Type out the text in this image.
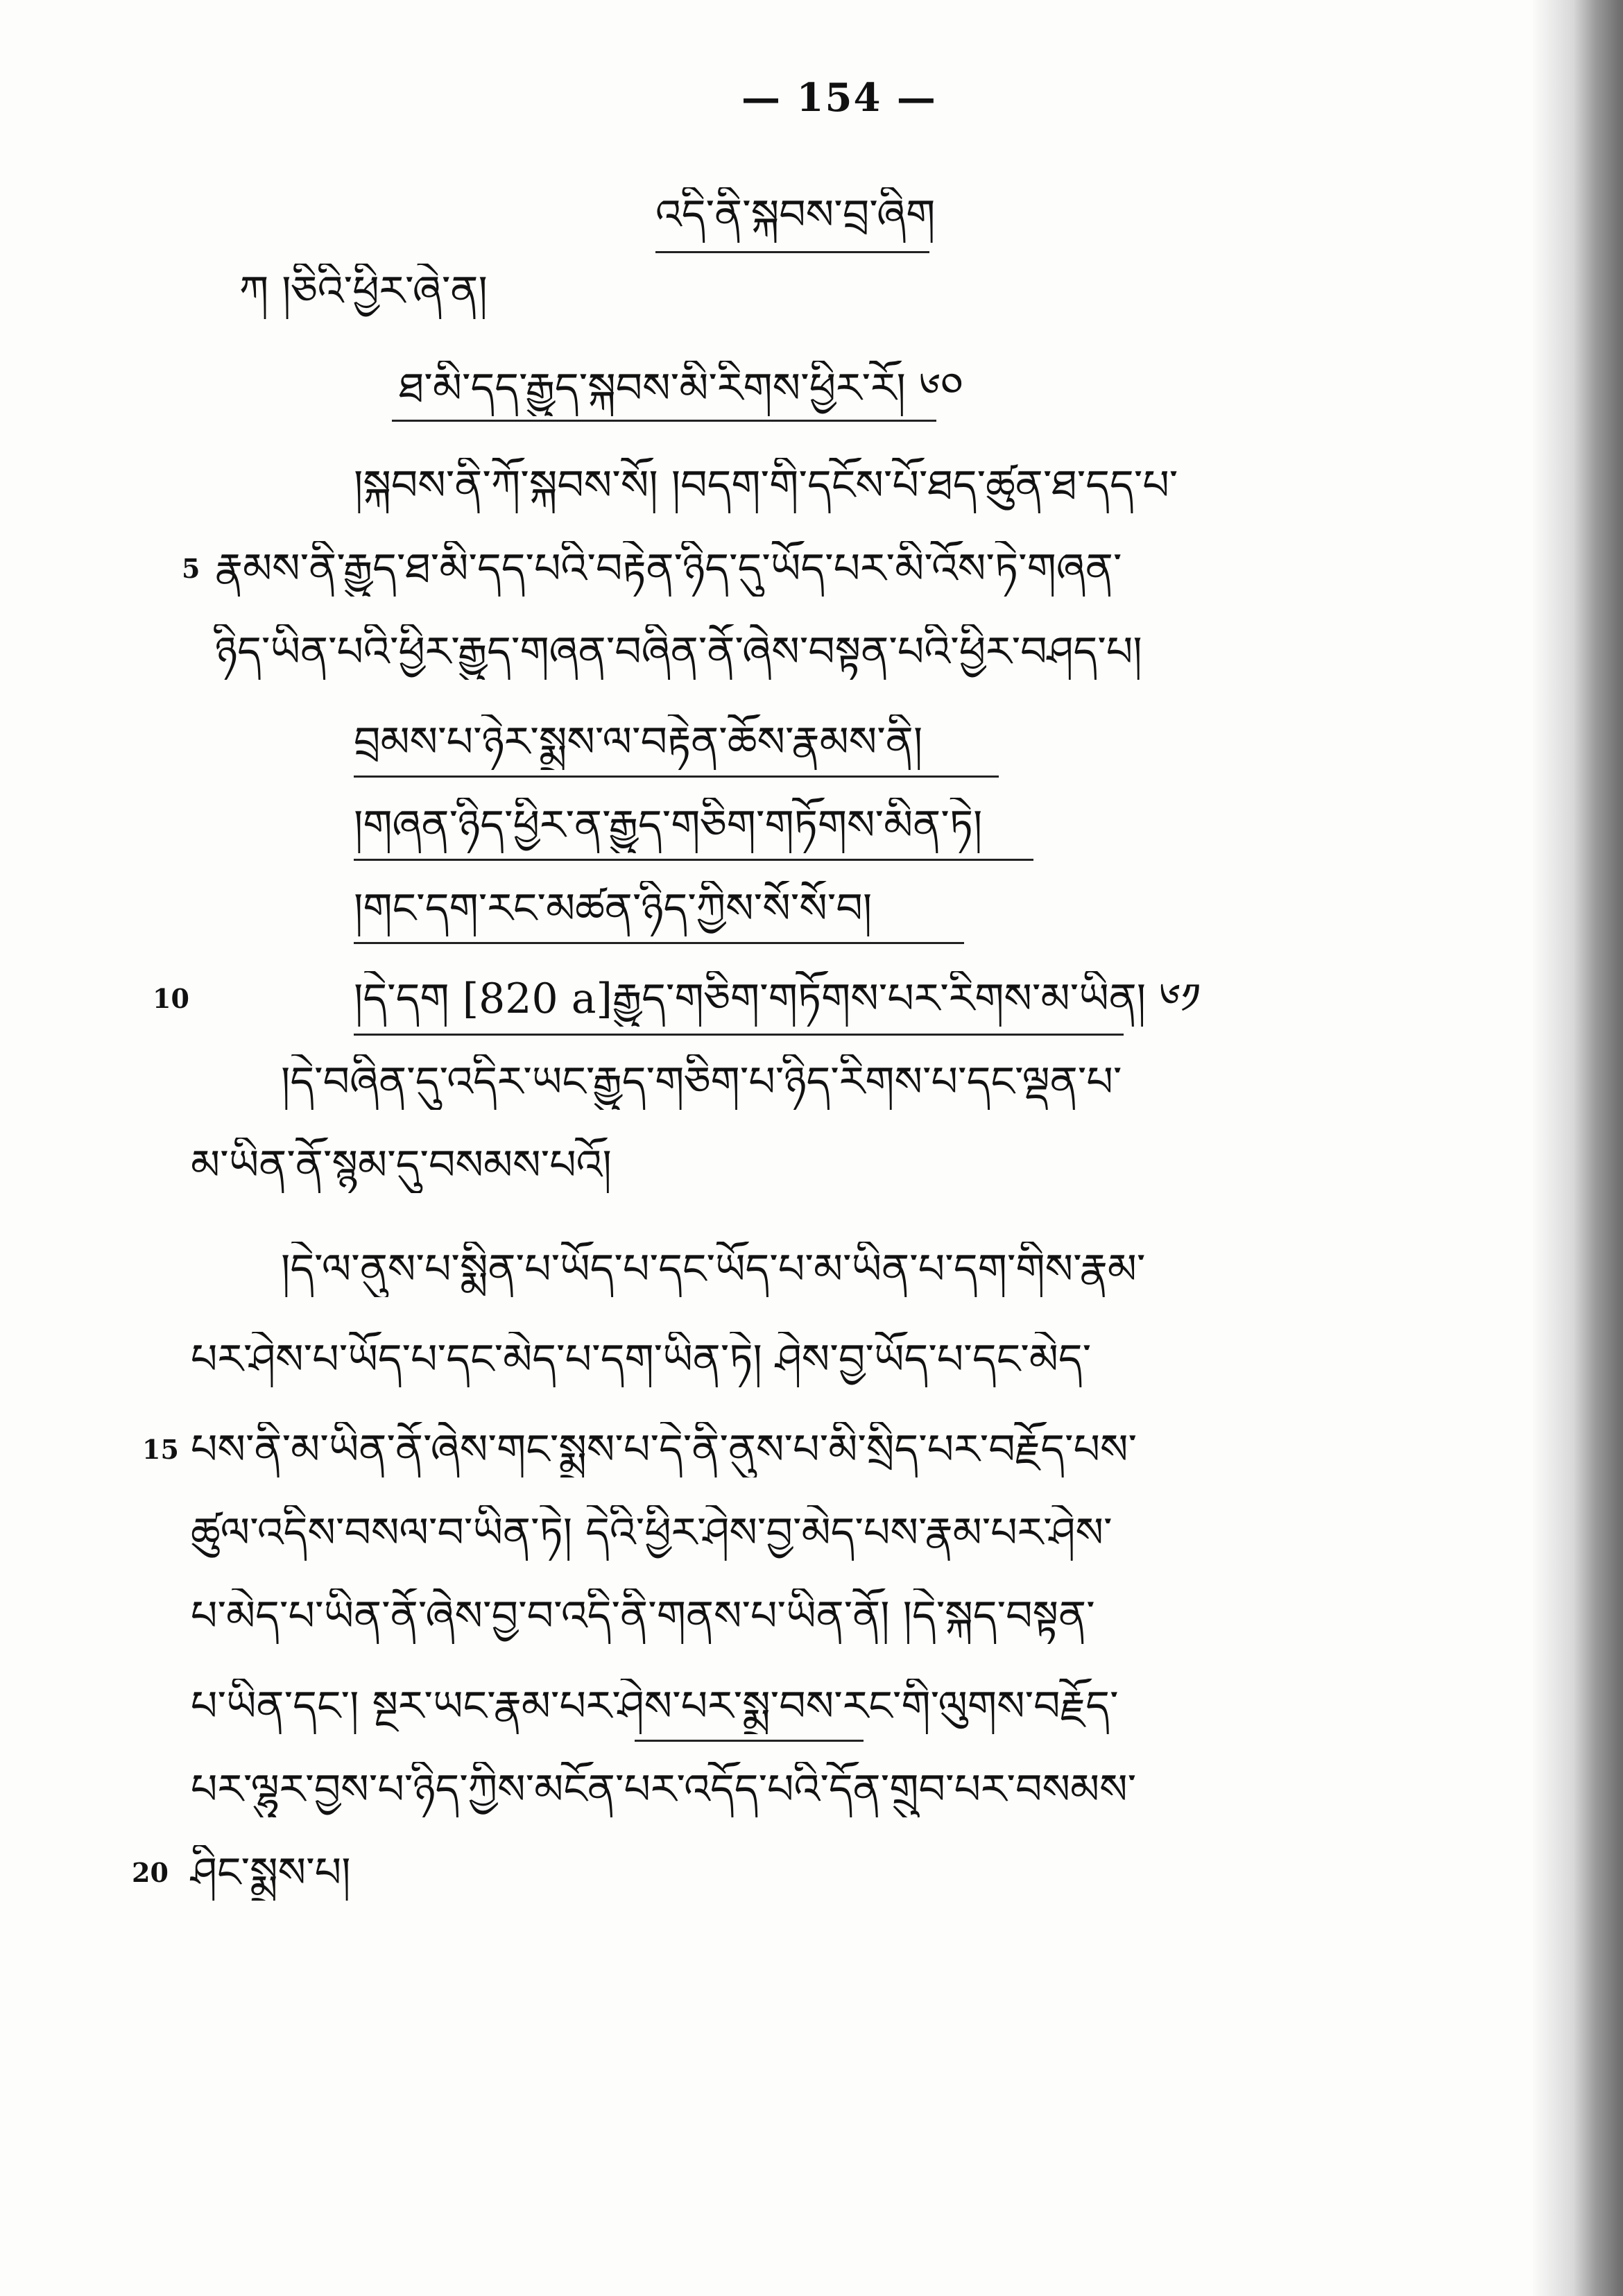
— 154 —
འདི་ནི་སྐབས་བྲ་ཞིག
ཀ །ཅིའི་ཕྱིར་ཞེ་ན།
ཐ་མི་དད་རྒྱུད་སྐབས་མི་རིགས་ཕྱིར་རོ། ༦༠
།སྐབས་ནི་ཀོ་སྐབས་སོ། །བདག་གི་དངོས་པོ་ཐད་ཚུན་ཐ་དད་པ་
5 རྣམས་ནི་རྒྱུད་ཐ་མི་དད་པའི་བརྟེན་ཉིད་དུ་ཡོད་པར་མི་འོས་ཏེ་གཞན་
ཉིད་ཡིན་པའི་ཕྱིར་རྒྱུད་གཞན་བཞིན་ནོ་ཞེས་བསྟན་པའི་ཕྱིར་བཤད་པ།
བྲམས་པ་ཉེར་སྨྲས་ལ་བརྟེན་ཆོས་རྣམས་ནི།
།གཞན་ཉིད་ཕྱིར་ན་རྒྱུད་གཅིག་གཏོགས་མིན་ཏེ།
།གང་དག་རང་མཚན་ཉིད་ཀྱིས་སོ་སོ་བ།
10	།དེ་དག [820 a]རྒྱུད་གཅིག་གཏོགས་པར་རིགས་མ་ཡིན། ༦༡
།དེ་བཞིན་དུ་འདིར་ཡང་རྒྱུད་གཅིག་པ་ཉིད་རིགས་པ་དང་ལྡན་པ་
མ་ཡིན་ནོ་སྙམ་དུ་བསམས་པའོ།
།དེ་ལ་ནུས་པ་སྨིན་པ་ཡོད་པ་དང་ཡོད་པ་མ་ཡིན་པ་དག་གིས་རྣམ་
པར་ཤེས་པ་ཡོད་པ་དང་མེད་པ་དག་ཡིན་ཏེ། ཤེས་བྱ་ཡོད་པ་དང་མེད་
15 པས་ནི་མ་ཡིན་ནོ་ཞེས་གང་སྨྲས་པ་དེ་ནི་ནུས་པ་མི་སྲིད་པར་བརྗོད་པས་
ཚུལ་འདིས་བསལ་བ་ཡིན་ཏེ། དེའི་ཕྱིར་ཤེས་བྱ་མེད་པས་རྣམ་པར་ཤེས་
པ་མེད་པ་ཡིན་ནོ་ཞེས་བྱ་བ་འདི་ནི་གནས་པ་ཡིན་ནོ། །དེ་སྐད་བསྟན་
པ་ཡིན་དང་། སྔར་ཡང་རྣམ་པར་ཤེས་པར་སྨྲ་བས་རང་གི་ལུགས་བརྗོད་
པར་ལྷུར་བྱས་པ་ཉིད་ཀྱིས་མངོན་པར་འདོད་པའི་དོན་གྲུབ་པར་བསམས་
20 ཤིང་སྨྲས་པ།
